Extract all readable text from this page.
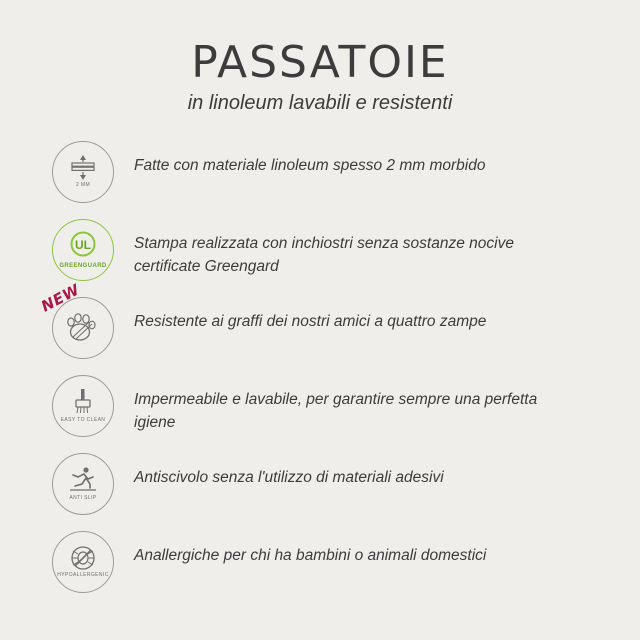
PASSATOIE

in linoleum lavabili e resistenti

2 MM
Fatte con materiale linoleum spesso 2 mm morbido
UL
GREENGUARD
Stampa realizzata con inchiostri senza sostanze nocive certificate Greengard
NEW
Resistente ai graffi dei nostri amici a quattro zampe
EASY TO CLEAN
Impermeabile e lavabile, per garantire sempre una perfetta igiene
ANTI SLIP
Antiscivolo senza l'utilizzo di materiali adesivi
HYPOALLERGENIC
Anallergiche per chi ha bambini o animali domestici
